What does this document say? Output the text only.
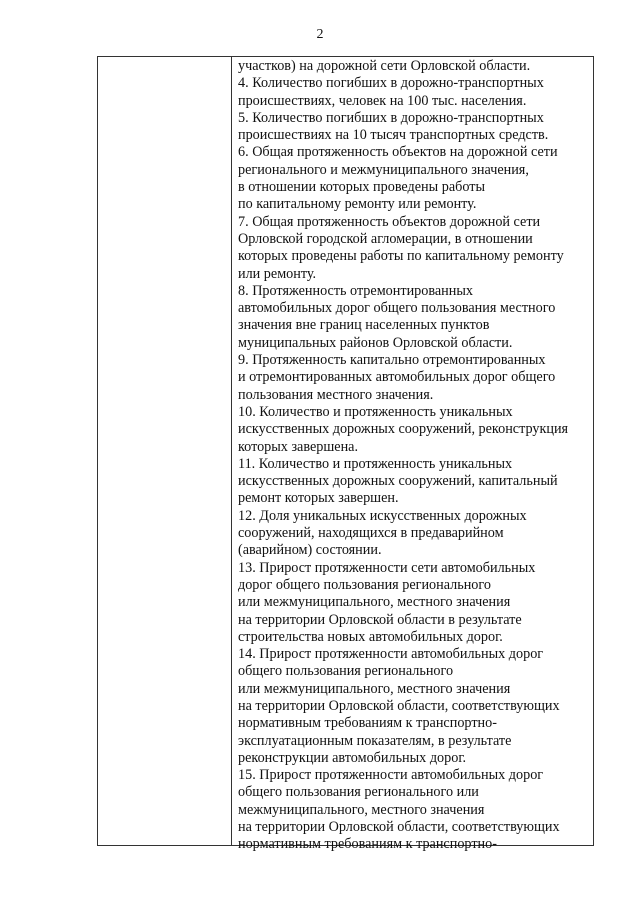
2
участков) на дорожной сети Орловской области.
4. Количество погибших в дорожно-транспортных
происшествиях, человек на 100 тыс. населения.
5. Количество погибших в дорожно-транспортных
происшествиях на 10 тысяч транспортных средств.
6. Общая протяженность объектов на дорожной сети
регионального и межмуниципального значения,
в отношении которых проведены работы
по капитальному ремонту или ремонту.
7. Общая протяженность объектов дорожной сети
Орловской городской агломерации, в отношении
которых проведены работы по капитальному ремонту
или ремонту.
8. Протяженность отремонтированных
автомобильных дорог общего пользования местного
значения вне границ населенных пунктов
муниципальных районов Орловской области.
9. Протяженность капитально отремонтированных
и отремонтированных автомобильных дорог общего
пользования местного значения.
10. Количество и протяженность уникальных
искусственных дорожных сооружений, реконструкция
которых завершена.
11. Количество и протяженность уникальных
искусственных дорожных сооружений, капитальный
ремонт которых завершен.
12. Доля уникальных искусственных дорожных
сооружений, находящихся в предаварийном
(аварийном) состоянии.
13. Прирост протяженности сети автомобильных
дорог общего пользования регионального
или межмуниципального, местного значения
на территории Орловской области в результате
строительства новых автомобильных дорог.
14. Прирост протяженности автомобильных дорог
общего пользования регионального
или межмуниципального, местного значения
на территории Орловской области, соответствующих
нормативным требованиям к транспортно-
эксплуатационным показателям, в результате
реконструкции автомобильных дорог.
15. Прирост протяженности автомобильных дорог
общего пользования регионального или
межмуниципального, местного значения
на территории Орловской области, соответствующих
нормативным требованиям к транспортно-
